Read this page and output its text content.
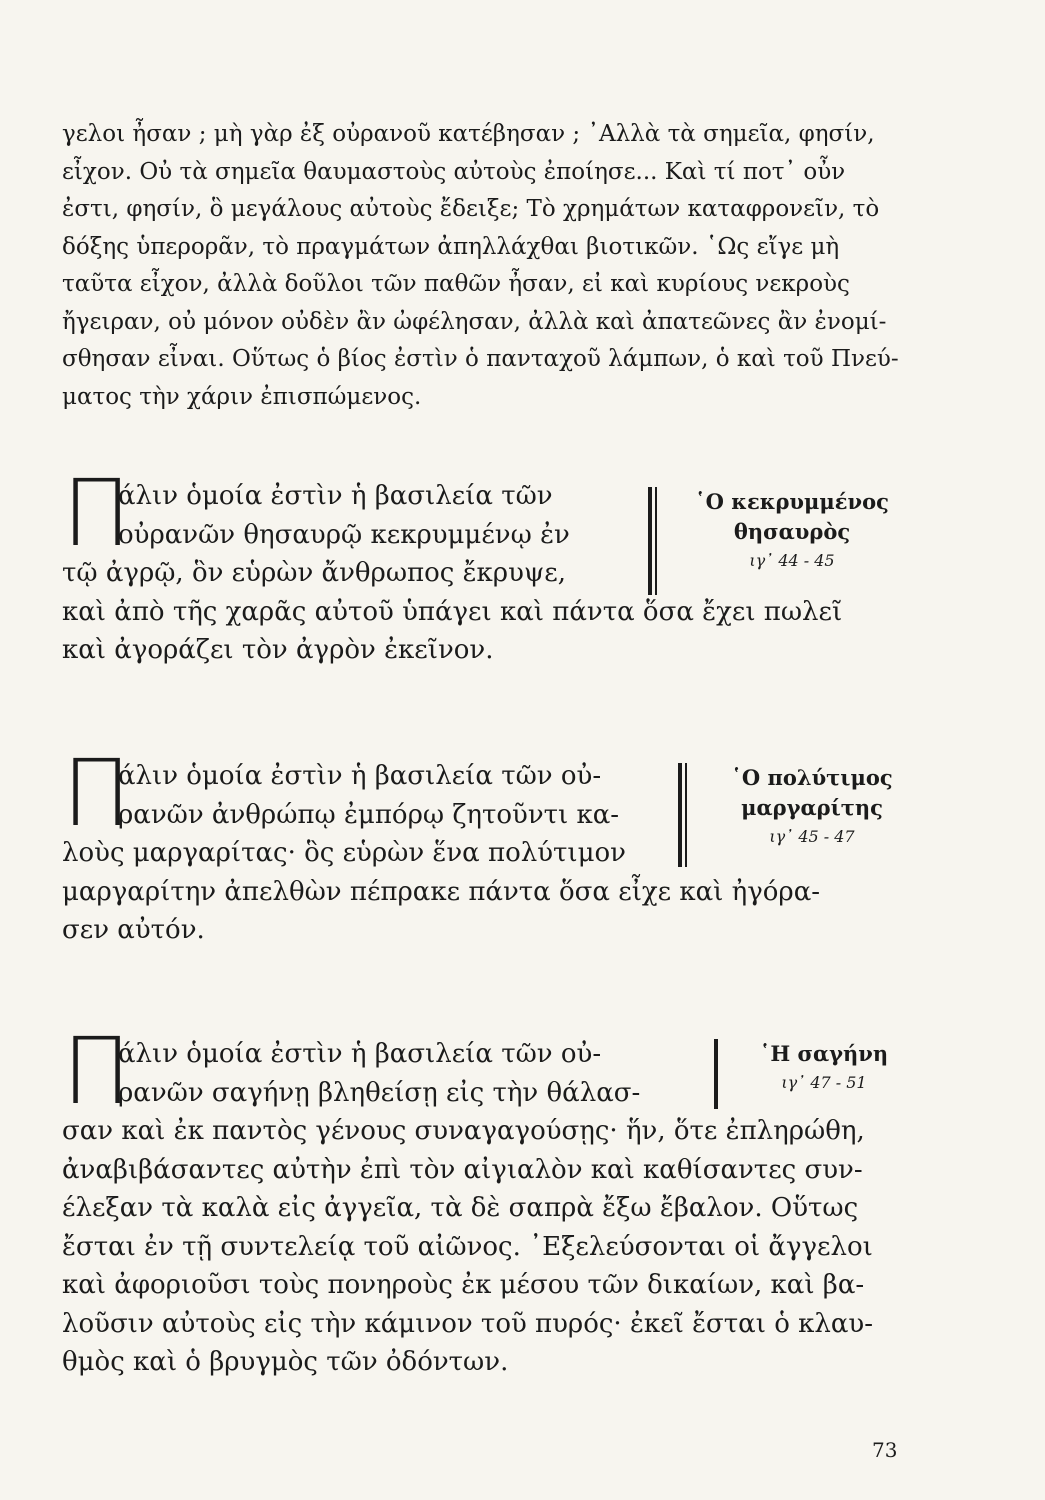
γελοι ἦσαν ; μὴ γὰρ ἐξ οὐρανοῦ κατέβησαν ; ᾽Αλλὰ τὰ σημεῖα, φησίν,
εἶχον. Οὐ τὰ σημεῖα θαυμαστοὺς αὐτοὺς ἐποίησε... Καὶ τί ποτ᾽ οὖν
ἐστι, φησίν, ὃ μεγάλους αὐτοὺς ἔδειξε; Τὸ χρημάτων καταφρονεῖν, τὸ
δόξης ὑπερορᾶν, τὸ πραγμάτων ἀπηλλάχθαι βιοτικῶν. ῾Ως εἴγε μὴ
ταῦτα εἶχον, ἀλλὰ δοῦλοι τῶν παθῶν ἦσαν, εἰ καὶ κυρίους νεκροὺς
ἤγειραν, οὐ μόνον οὐδὲν ἂν ὠφέλησαν, ἀλλὰ καὶ ἀπατεῶνες ἂν ἐνομί-
σθησαν εἶναι. Οὕτως ὁ βίος ἐστὶν ὁ πανταχοῦ λάμπων, ὁ καὶ τοῦ Πνεύ-
ματος τὴν χάριν ἐπισπώμενος.
Π
άλιν ὁμοία ἐστὶν ἡ βασιλεία τῶν
οὐρανῶν θησαυρῷ κεκρυμμένῳ ἐν
τῷ ἀγρῷ, ὃν εὑρὼν ἄνθρωπος ἔκρυψε,
καὶ ἀπὸ τῆς χαρᾶς αὐτοῦ ὑπάγει καὶ πάντα ὅσα ἔχει πωλεῖ
καὶ ἀγοράζει τὸν ἀγρὸν ἐκεῖνον.
῾Ο κεκρυμμένος
θησαυρὸς
ιγ᾽ 44 - 45
Π
άλιν ὁμοία ἐστὶν ἡ βασιλεία τῶν οὐ-
ρανῶν ἀνθρώπῳ ἐμπόρῳ ζητοῦντι κα-
λοὺς μαργαρίτας· ὃς εὑρὼν ἕνα πολύτιμον
μαργαρίτην ἀπελθὼν πέπρακε πάντα ὅσα εἶχε καὶ ἠγόρα-
σεν αὐτόν.
῾Ο πολύτιμος
μαργαρίτης
ιγ᾽ 45 - 47
Π
άλιν ὁμοία ἐστὶν ἡ βασιλεία τῶν οὐ-
ρανῶν σαγήνῃ βληθείσῃ εἰς τὴν θάλασ-
σαν καὶ ἐκ παντὸς γένους συναγαγούσῃς· ἥν, ὅτε ἐπληρώθη,
ἀναβιβάσαντες αὐτὴν ἐπὶ τὸν αἰγιαλὸν καὶ καθίσαντες συν-
έλεξαν τὰ καλὰ εἰς ἀγγεῖα, τὰ δὲ σαπρὰ ἔξω ἔβαλον. Οὕτως
ἔσται ἐν τῇ συντελείᾳ τοῦ αἰῶνος. ᾽Εξελεύσονται οἱ ἄγγελοι
καὶ ἀφοριοῦσι τοὺς πονηροὺς ἐκ μέσου τῶν δικαίων, καὶ βα-
λοῦσιν αὐτοὺς εἰς τὴν κάμινον τοῦ πυρός· ἐκεῖ ἔσται ὁ κλαυ-
θμὸς καὶ ὁ βρυγμὸς τῶν ὀδόντων.
῾Η σαγήνη
ιγ᾽ 47 - 51
73
